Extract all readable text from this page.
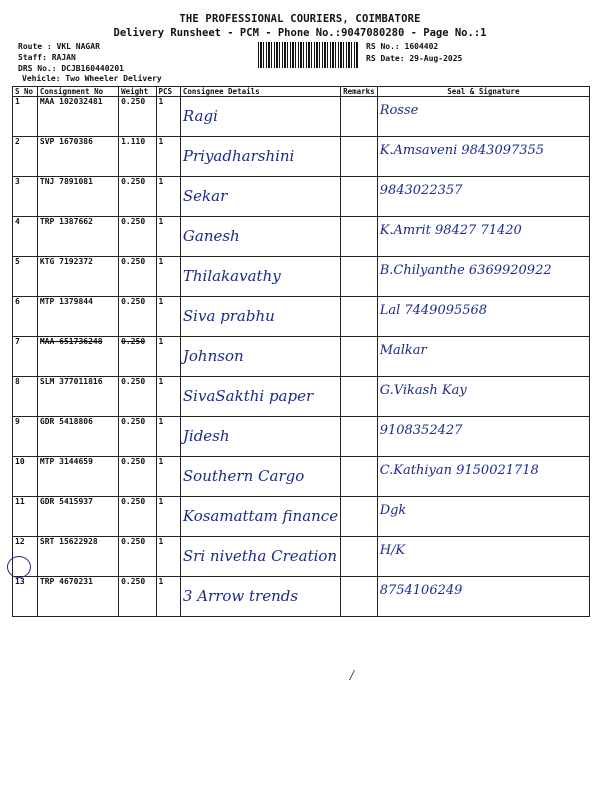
THE PROFESSIONAL COURIERS, COIMBATORE
Delivery Runsheet - PCM - Phone No.:9047080280 - Page No.:1
Route : VKL NAGAR
Staff: RAJAN
DRS No.: DCJB160440201
Vehicle: Two Wheeler Delivery
RS No.: 1604402
RS Date: 29-Aug-2025
S No	Consignment No	Weight	PCS	Consignee Details	Remarks	Seal & Signature
1	MAA 102032481	0.250	1	Ragi		Rosse

2	SVP 1670386	1.110	1	Priyadharshini		K.Amsaveni 9843097355

3	TNJ 7891081	0.250	1	Sekar		9843022357

4	TRP 1387662	0.250	1	Ganesh		K.Amrit 98427 71420

5	KTG 7192372	0.250	1	Thilakavathy		B.Chilyanthe 6369920922

6	MTP 1379844	0.250	1	Siva prabhu		Lal 7449095568

7	MAA 651736248	0.250	1	Johnson		Malkar

8	SLM 377011816	0.250	1	SivaSakthi paper		G.Vikash Kay

9	GDR 5418806	0.250	1	Jidesh		9108352427

10	MTP 3144659	0.250	1	Southern Cargo		C.Kathiyan 9150021718

11	GDR 5415937	0.250	1	Kosamattam finance		Dgk

12	SRT 15622928	0.250	1	Sri nivetha Creation		H/K

13	TRP 4670231	0.250	1	3 Arrow trends		8754106249
/
